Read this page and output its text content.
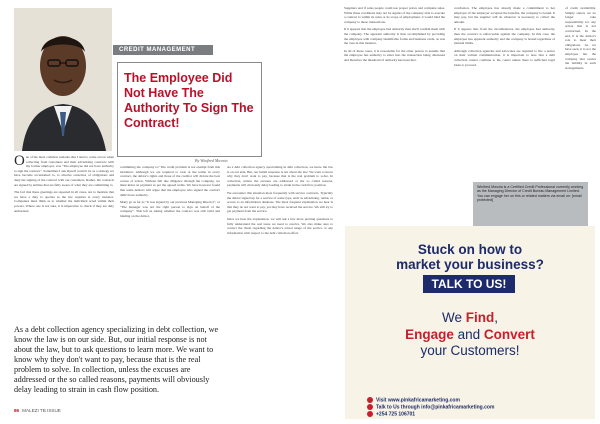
CREDIT MANAGEMENT
The Employee Did Not Have The Authority To Sign The Contract!
By Winifred Mworia

One of the most common remarks that I tend to come across when collecting from customers and their advertising contracts with my former employer, was "The employee did not have authority to sign the contract". Sometimes I ask myself could it be as a strategy we have become accustomed to, to absolve ourselves of obligations and deny the signing of the contract with our customers. Rather, the contracts are signed by entities that are fully aware of what they are committing to.

The fact that these greetings are repeated in all cases, not to mention that we have a duty to operate as the law requires at every instance. Companies must think as to whether the individual acted within their powers. Where one is not sure, it is imperative to check if they are duly authorized.

committing the company to? The credit problem is not exempt from this incidence. Although we are required to look at the terms in every contract, the debtor's rights and those of the creditor will dictate the best course of action. Without full due diligence through the company, we must insist on payment as per the agreed terms. We have however found that some debtors will argue that the employee who signed the contract didn't have authority.

Many go as far as "It was signed by our previous Managing Director", or "The manager was not the right person to sign on behalf of the company". This left us asking whether the contract was still valid and binding on the debtor.

As a debt collection agency specializing in debt collection, we know the law is on our side. But, our initial response is not about the law. We want to know why they don't want to pay, because that is the real problem to solve. In collection, unless the excuses are addressed or the so called reasons, payments will obviously delay leading to strain in the cash flow position.

We encounter this situation most frequently with service contracts. Typically the debtor signed up for a service of some type, such as advertising, rental, or access to an information database. The most frequent explanation we hear is that they do not want to pay, yet they have received the service. We still try to get payment from the service.

Once we hear the explanation, we will ask a few more probing questions to fully understand the real issue we need to resolve. We also make sure to contact the client regarding the debtor's actual usage of the service or any information with respect to the debt collection effort.

As a debt collection agency specializing in debt collection, we know the law is on our side. But, our initial response is not about the law, but to ask questions to learn more. We want to know why they don't want to pay, because that is the real problem to solve. In collection, unless the excuses are addressed or the so called reasons, payments will obviously delay leading to strain in cash flow position.

Suppliers and if sales people could use proper prices and complete sales. While these conditions may not be Agents of the company able to execute a contract is within its sales or its scope of employment, it would bind the company to those transactions.

If it appears that the employee had authority then she'll confirm them with the company. The apparent authority is thus accomplished by providing the employee with company identifiable forms and business cards, as was the case in this instance.

In all of these cases, it is reasonable for the other person to assume that the employee has authority to enter into the transaction being discussed and therefore the threshold of authority has been met.

conclusion. The employee has already made a commitment to her employer. If the employer accepted the benefits, the company is bound. It may pay, but the supplier will do whatever is necessary to collect the amount.

If it appears that, from the circumstances, the employee had authority, then the contract is enforceable against the company. In this case, the employee has apparent authority and the company is bound regardless of internal limits.

Although collection agencies and advocates are required to file a notice on their written communication, it is important to note that a debt collection cannot continue to the courts unless there is sufficient legal basis to proceed.

of credit availability. Simply stated, we no longer take responsibility for any action that is not contractual. In the end, it is the debtor's role to meet their obligations. As we have seen, it is not the employee but the company that carries the liability in such arrangements.

Winifred Mworia is a Certified Credit Professional currently working as the Managing Director of Credit Bureau Management Limited. You can engage her on this or related matters via email on: [email protected]
Stuck on how to
market your business?
TALK TO US!
We Find,
Engage and Convert
your Customers!
Visit www.pinkafricamarketing.com
Talk to Us through info@pinkafricamarketing.com
+254 725 106701
86 MALEZI TB ISSUE
